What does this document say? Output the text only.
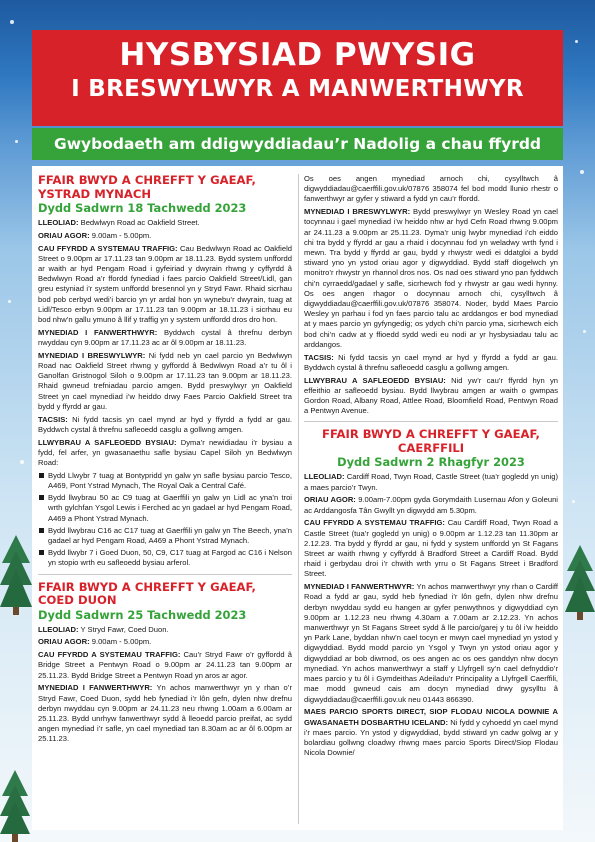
HYSBYSIAD PWYSIG
I BRESWYLWYR A MANWERTHWYR
Gwybodaeth am ddigwyddiadau’r Nadolig a chau ffyrdd
FFAIR BWYD A CHREFFT Y GAEAF, YSTRAD MYNACH
Dydd Sadwrn 18 Tachwedd 2023

LLEOLIAD: Bedwlwyn Road ac Oakfield Street.

ORIAU AGOR: 9.00am - 5.00pm.

CAU FFYRDD A SYSTEMAU TRAFFIG: Cau Bedwlwyn Road ac Oakfield Street o 9.00pm ar 17.11.23 tan 9.00pm ar 18.11.23. Bydd system unffordd ar waith ar hyd Pengam Road i gyfeiriad y dwyrain rhwng y cyffyrdd â Bedwlwyn Road a’r ffordd fynediad i faes parcio Oakfield Street/Lidl, gan greu estyniad i’r system unffordd bresennol yn y Stryd Fawr. Rhaid sicrhau bod pob cerbyd wedi’i barcio yn yr ardal hon yn wynebu’r dwyrain, tuag at Lidl/Tesco erbyn 9.00pm ar 17.11.23 tan 9.00pm ar 18.11.23 i sicrhau eu bod nhw’n gallu ymuno â llif y traffig yn y system unffordd dros dro hon.

MYNEDIAD I FANWERTHWYR: Byddwch cystal â threfnu derbyn nwyddau cyn 9.00pm ar 17.11.23 ac ar ôl 9.00pm ar 18.11.23.

MYNEDIAD I BRESWYLWYR: Ni fydd neb yn cael parcio yn Bedwlwyn Road nac Oakfield Street rhwng y gyffordd â Bedwlwyn Road a’r tu ôl i Ganolfan Gristnogol Siloh o 9.00pm ar 17.11.23 tan 9.00pm ar 18.11.23. Rhaid gwneud trefniadau parcio amgen. Bydd preswylwyr yn Oakfield Street yn cael mynediad i’w heiddo drwy Faes Parcio Oakfield Street tra bydd y ffyrdd ar gau.

TACSIS: Ni fydd tacsis yn cael mynd ar hyd y ffyrdd a fydd ar gau. Byddwch cystal â threfnu safleoedd casglu a gollwng amgen.

LLWYBRAU A SAFLEOEDD BYSIAU: Dyma’r newidiadau i’r bysiau a fydd, fel arfer, yn gwasanaethu safle bysiau Capel Siloh yn Bedwlwyn Road:

Bydd Llwybr 7 tuag at Bontypridd yn galw yn safle bysiau parcio Tesco, A469, Pont Ystrad Mynach, The Royal Oak a Central Café.
Bydd llwybrau 50 ac C9 tuag at Gaerffili yn galw yn Lidl ac yna’n troi wrth gylchfan Ysgol Lewis i Ferched ac yn gadael ar hyd Pengam Road, A469 a Phont Ystrad Mynach.
Bydd llwybrau C16 ac C17 tuag at Gaerffili yn galw yn The Beech, yna’n gadael ar hyd Pengam Road, A469 a Phont Ystrad Mynach.
Bydd llwybr 7 i Goed Duon, 50, C9, C17 tuag at Fargod ac C16 i Nelson yn stopio wrth eu safleoedd bysiau arferol.
FFAIR BWYD A CHREFFT Y GAEAF, COED DUON
Dydd Sadwrn 25 Tachwedd 2023

LLEOLIAD: Y Stryd Fawr, Coed Duon.

ORIAU AGOR: 9.00am - 5.00pm.

CAU FFYRDD A SYSTEMAU TRAFFIG: Cau’r Stryd Fawr o’r gyffordd â Bridge Street a Pentwyn Road o 9.00pm ar 24.11.23 tan 9.00pm ar 25.11.23. Bydd Bridge Street a Pentwyn Road yn aros ar agor.

MYNEDIAD I FANWERTHWYR: Yn achos manwerthwyr yn y rhan o’r Stryd Fawr, Coed Duon, sydd heb fynediad i’r lôn gefn, dylen nhw drefnu derbyn nwyddau cyn 9.00pm ar 24.11.23 neu rhwng 1.00am a 6.00am ar 25.11.23. Bydd unrhyw fanwerthwyr sydd â lleoedd parcio preifat, ac sydd angen mynediad i’r safle, yn cael mynediad tan 8.30am ac ar ôl 6.00pm ar 25.11.23.

Os oes angen mynediad arnoch chi, cysylltwch â digwyddiadau@caerffili.gov.uk/07876 358074 fel bod modd llunio rhestr o fanwerthwyr ar gyfer y stiward a fydd yn cau’r ffordd.

MYNEDIAD I BRESWYLWYR: Bydd preswylwyr yn Wesley Road yn cael tocynnau i gael mynediad i’w heiddo nhw ar hyd Cefn Road rhwng 9.00pm ar 24.11.23 a 9.00pm ar 25.11.23. Dyma’r unig lwybr mynediad i’ch eiddo chi tra bydd y ffyrdd ar gau a rhaid i docynnau fod yn weladwy wrth fynd i mewn. Tra bydd y ffyrdd ar gau, bydd y rhwystr wedi ei ddatgloi a bydd stiward yno yn ystod oriau agor y digwyddiad. Bydd staff diogelwch yn monitro’r rhwystr yn rhannol dros nos. Os nad oes stiward yno pan fyddwch chi’n cyrraedd/gadael y safle, sicrhewch fod y rhwystr ar gau wedi hynny. Os oes angen rhagor o docynnau arnoch chi, cysylltwch â digwyddiadau@caerffili.gov.uk/07876 358074. Noder, bydd Maes Parcio Wesley yn parhau i fod yn faes parcio talu ac arddangos er bod mynediad at y maes parcio yn gyfyngedig; os ydych chi’n parcio yma, sicrhewch eich bod chi’n cadw at y ffioedd sydd wedi eu nodi ar yr hysbysiadau talu ac arddangos.

TACSIS: Ni fydd tacsis yn cael mynd ar hyd y ffyrdd a fydd ar gau. Byddwch cystal â threfnu safleoedd casglu a gollwng amgen.

LLWYBRAU A SAFLEOEDD BYSIAU: Nid yw’r cau’r ffyrdd hyn yn effeithio ar safleoedd bysiau. Bydd llwybrau amgen ar waith o gwmpas Gordon Road, Albany Road, Attlee Road, Bloomfield Road, Pentwyn Road a Pentwyn Avenue.

FFAIR BWYD A CHREFFT Y GAEAF, CAERFFILI
Dydd Sadwrn 2 Rhagfyr 2023

LLEOLIAD: Cardiff Road, Twyn Road, Castle Street (tua’r gogledd yn unig) a maes parcio’r Twyn.

ORIAU AGOR: 9.00am-7.00pm gyda Gorymdaith Lusernau Afon y Goleuni ac Arddangosfa Tân Gwyllt yn digwydd am 5.30pm.

CAU FFYRDD A SYSTEMAU TRAFFIG: Cau Cardiff Road, Twyn Road a Castle Street (tua’r gogledd yn unig) o 9.00pm ar 1.12.23 tan 11.30pm ar 2.12.23. Tra bydd y ffyrdd ar gau, ni fydd y system unffordd yn St Fagans Street ar waith rhwng y cyffyrdd â Bradford Street a Cardiff Road. Bydd rhaid i gerbydau droi i’r chwith wrth yrru o St Fagans Street i Bradford Street.

MYNEDIAD I FANWERTHWYR: Yn achos manwerthwyr yny rhan o Cardiff Road a fydd ar gau, sydd heb fynediad i’r lôn gefn, dylen nhw drefnu derbyn nwyddau sydd eu hangen ar gyfer penwythnos y digwyddiad cyn 9.00pm ar 1.12.23 neu rhwng 4.30am a 7.00am ar 2.12.23. Yn achos manwerthwyr yn St Fagans Street sydd â lle parcio/garej y tu ôl i’w heiddo yn Park Lane, byddan nhw’n cael tocyn er mwyn cael mynediad yn ystod y digwyddiad. Bydd modd parcio yn Ysgol y Twyn yn ystod oriau agor y digwyddiad ar bob diwrnod, os oes angen ac os oes ganddyn nhw docyn mynediad. Yn achos manwerthwyr a staff y Llyfrgell sy’n cael defnyddio’r maes parcio y tu ôl i Gymdeithas Adeiladu’r Principality a Llyfrgell Caerffili, mae modd gwneud cais am docyn mynediad drwy gysylltu â digwyddiadau@caerffili.gov.uk neu 01443 866390.

MAES PARCIO SPORTS DIRECT, SIOP FLODAU NICOLA DOWNIE A GWASANAETH DOSBARTHU ICELAND: Ni fydd y cyhoedd yn cael mynd i’r maes parcio. Yn ystod y digwyddiad, bydd stiward yn cadw golwg ar y bolardiau gollwng cloadwy rhwng maes parcio Sports Direct/Siop Flodau Nicola Downie/
